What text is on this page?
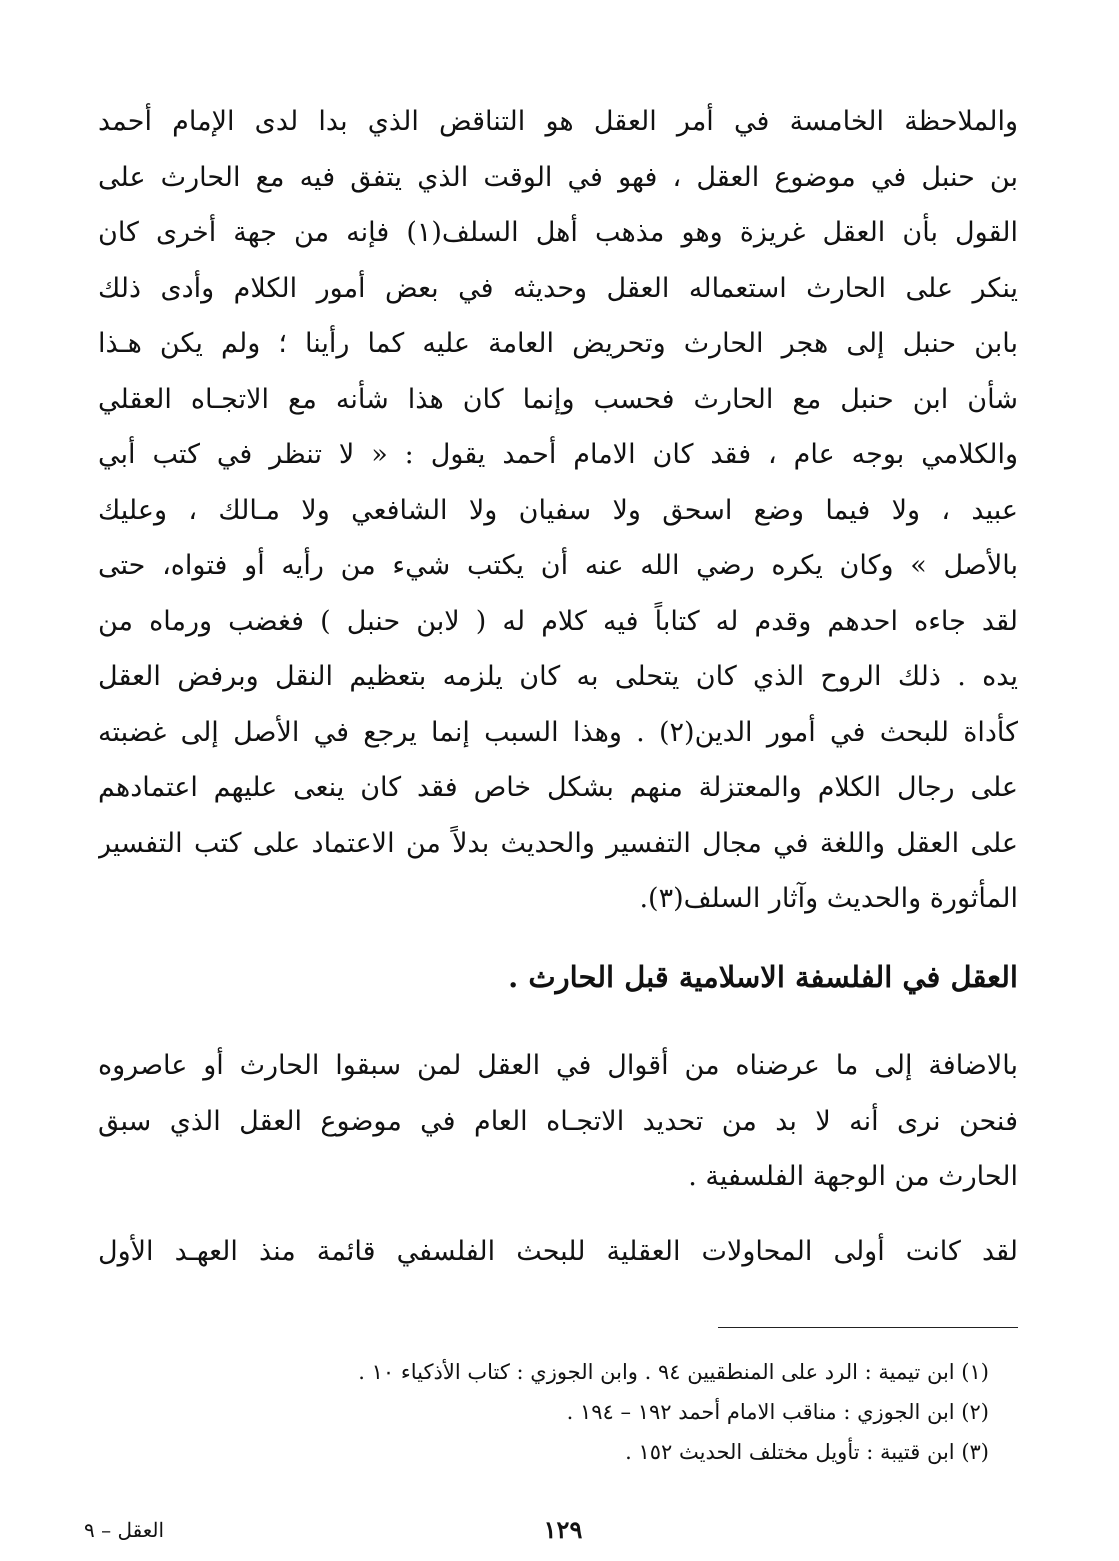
والملاحظة الخامسة في أمر العقل هو التناقض الذي بدا لدى الإمام أحمد
بن حنبل في موضوع العقل ، فهو في الوقت الذي يتفق فيه مع الحارث على
القول بأن العقل غريزة وهو مذهب أهل السلف(١) فإنه من جهة أخرى كان
ينكر على الحارث استعماله العقل وحديثه في بعض أمور الكلام وأدى ذلك
بابن حنبل إلى هجر الحارث وتحريض العامة عليه كما رأينا ؛ ولم يكن هـذا
شأن ابن حنبل مع الحارث فحسب وإنما كان هذا شأنه مع الاتجـاه العقلي
والكلامي بوجه عام ، فقد كان الامام أحمد يقول : « لا تنظر في كتب أبي
عبيد ، ولا فيما وضع اسحق ولا سفيان ولا الشافعي ولا مـالك ، وعليك
بالأصل » وكان يكره رضي الله عنه أن يكتب شيء من رأيه أو فتواه، حتى
لقد جاءه احدهم وقدم له كتاباً فيه كلام له ( لابن حنبل ) فغضب ورماه من
يده . ذلك الروح الذي كان يتحلى به كان يلزمه بتعظيم النقل وبرفض العقل
كأداة للبحث في أمور الدين(٢) . وهذا السبب إنما يرجع في الأصل إلى غضبته
على رجال الكلام والمعتزلة منهم بشكل خاص فقد كان ينعى عليهم اعتمادهم
على العقل واللغة في مجال التفسير والحديث بدلاً من الاعتماد على كتب التفسير
المأثورة والحديث وآثار السلف(٣).
العقل في الفلسفة الاسلامية قبل الحارث .
بالاضافة إلى ما عرضناه من أقوال في العقل لمن سبقوا الحارث أو عاصروه
فنحن نرى أنه لا بد من تحديد الاتجـاه العام في موضوع العقل الذي سبق
الحارث من الوجهة الفلسفية .
لقد كانت أولى المحاولات العقلية للبحث الفلسفي قائمة منذ العهـد الأول
(١) ابن تيمية : الرد على المنطقيين ٩٤ . وابن الجوزي : كتاب الأذكياء ١٠ .
(٢) ابن الجوزي : مناقب الامام أحمد ١٩٢ – ١٩٤ .
(٣) ابن قتيبة : تأويل مختلف الحديث ١٥٢ .
١٢٩
العقل – ٩
